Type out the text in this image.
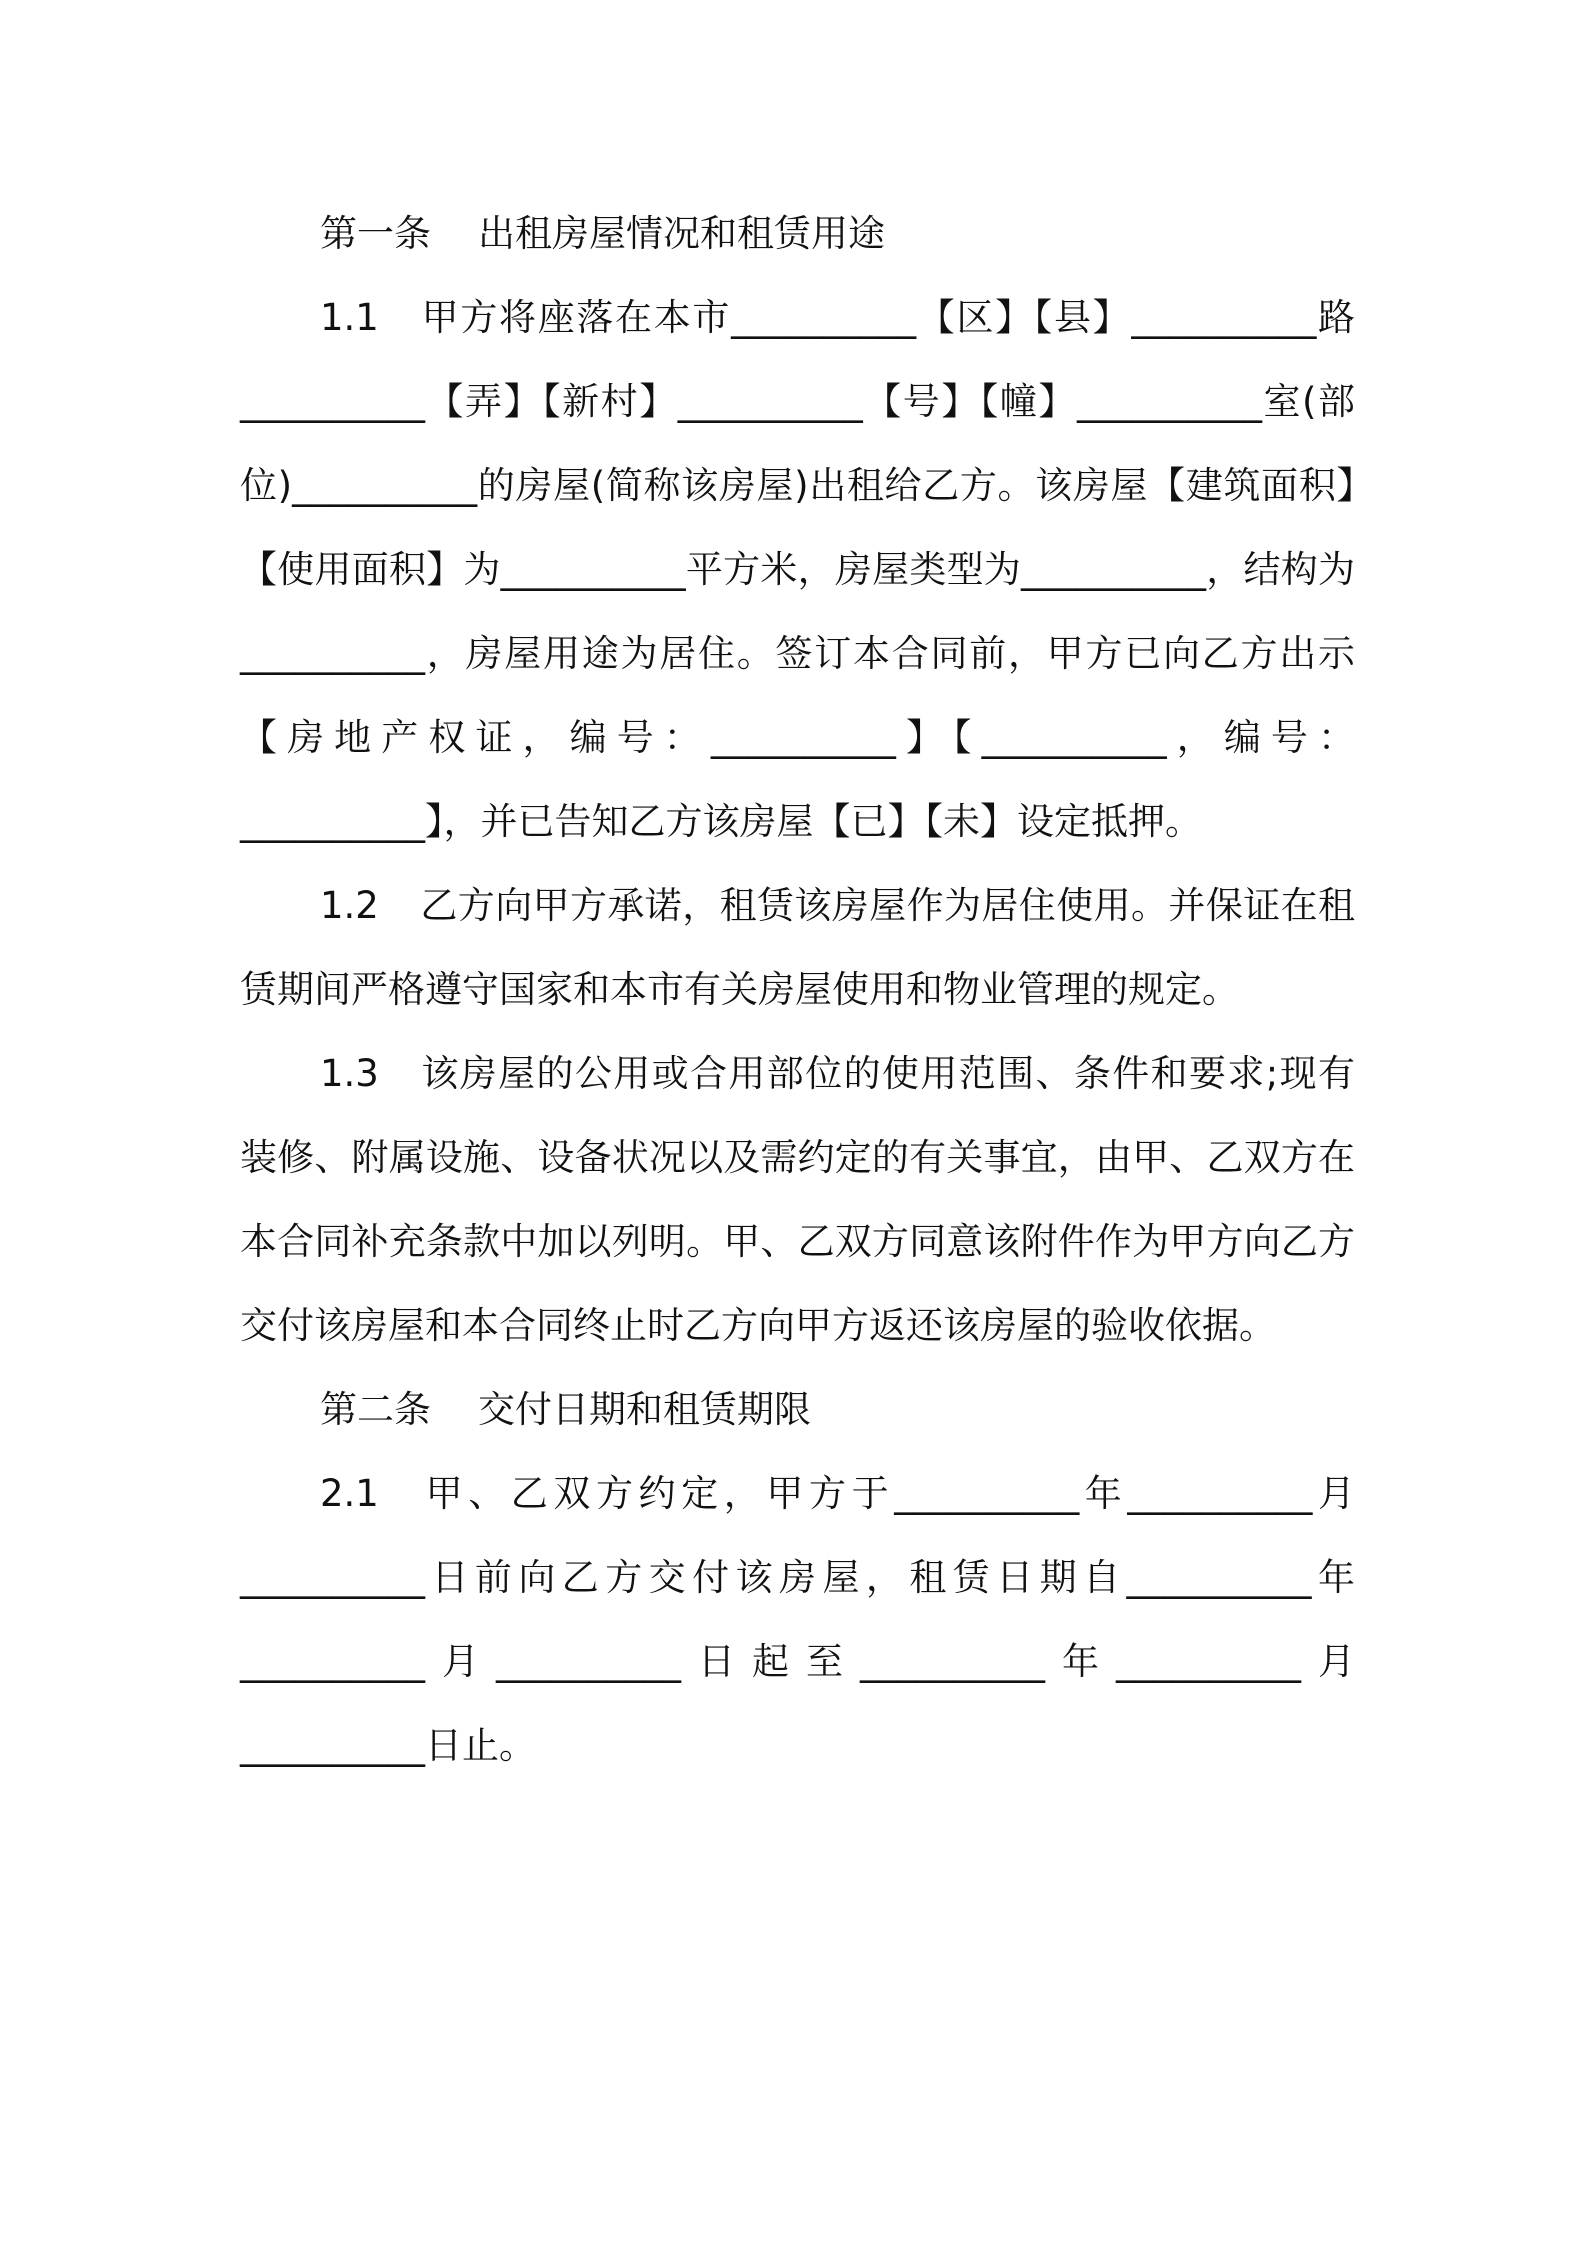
第一条    出租房屋情况和租赁用途

1.1 甲方将座落在本市__________【区】【县】__________路__________【弄】【新村】__________【号】【幢】__________室(部位)__________的房屋(简称该房屋)出租给乙方。该房屋【建筑面积】【使用面积】为__________平方米，房屋类型为__________，结构为__________，房屋用途为居住。签订本合同前，甲方已向乙方出示【房地产权证，编号：__________】【__________，编号：__________】，并已告知乙方该房屋【已】【未】设定抵押。

1.2 乙方向甲方承诺，租赁该房屋作为居住使用。并保证在租赁期间严格遵守国家和本市有关房屋使用和物业管理的规定。

1.3 该房屋的公用或合用部位的使用范围、条件和要求;现有装修、附属设施、设备状况以及需约定的有关事宜，由甲、乙双方在本合同补充条款中加以列明。甲、乙双方同意该附件作为甲方向乙方交付该房屋和本合同终止时乙方向甲方返还该房屋的验收依据。

第二条    交付日期和租赁期限

2.1 甲、乙双方约定，甲方于__________年__________月__________日前向乙方交付该房屋，租赁日期自__________年__________月__________日起至__________年__________月__________日止。
